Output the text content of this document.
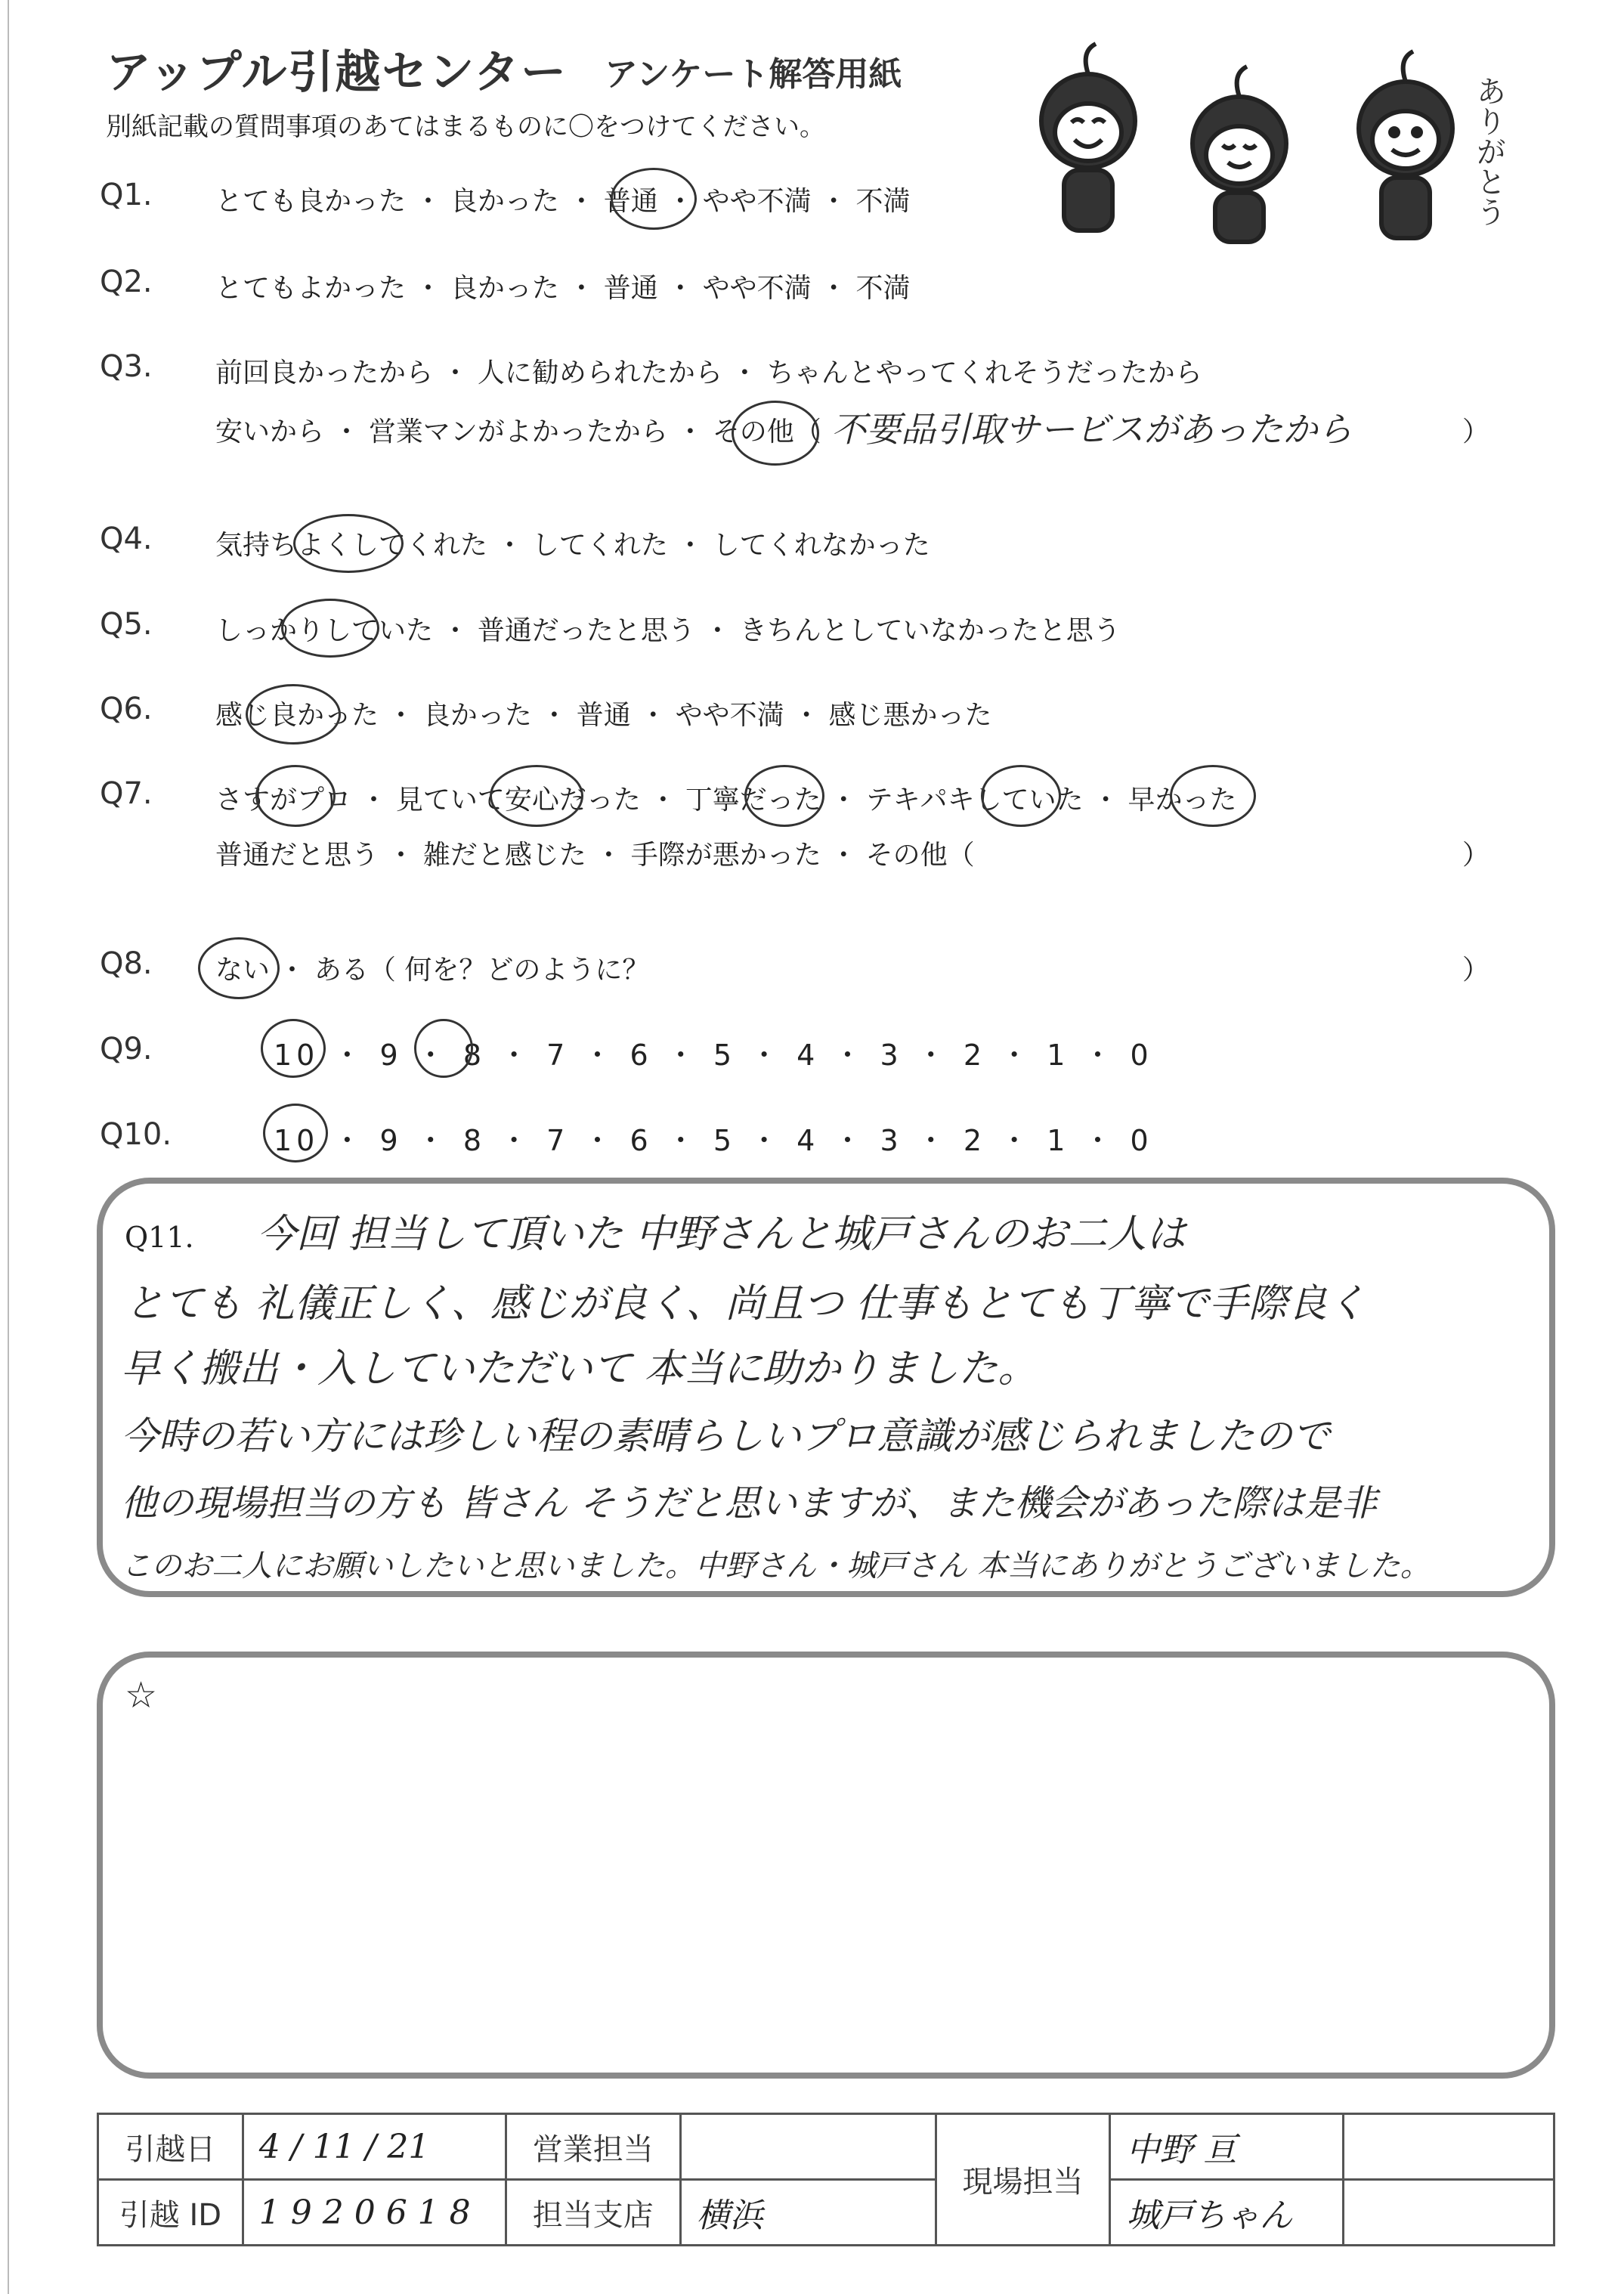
アップル引越センター アンケート解答用紙
別紙記載の質問事項のあてはまるものに〇をつけてください。	ありがとう
Q1. とても良かった ・ 良かった ・ 普通 ・ やや不満 ・ 不満
Q2. とてもよかった ・ 良かった ・ 普通 ・ やや不満 ・ 不満
Q3. 前回良かったから ・ 人に勧められたから ・ ちゃんとやってくれそうだったから
安いから ・ 営業マンがよかったから ・ その他（ 不要品引取サービスがあったから	）
Q4. 気持ちよくしてくれた ・ してくれた ・ してくれなかった
Q5. しっかりしていた ・ 普通だったと思う ・ きちんとしていなかったと思う
Q6. 感じ良かった ・ 良かった ・ 普通 ・ やや不満 ・ 感じ悪かった
Q7. さすがプロ ・ 見ていて安心だった ・ 丁寧だった ・ テキパキしていた ・ 早かった
普通だと思う ・ 雑だと感じた ・ 手際が悪かった ・ その他（	）
Q8. ない ・ ある（ 何を？どのように？	）
Q9.	10 ・ 9 ・ 8 ・ 7 ・ 6 ・ 5 ・ 4 ・ 3 ・ 2 ・ 1 ・ 0
Q10.	10 ・ 9 ・ 8 ・ 7 ・ 6 ・ 5 ・ 4 ・ 3 ・ 2 ・ 1 ・ 0
Q11. 今回 担当して頂いた 中野さんと城戸さんのお二人は
とても 礼儀正しく、感じが良く、尚且つ 仕事もとても丁寧で手際良く
早く搬出・入していただいて 本当に助かりました。
今時の若い方には珍しい程の素晴らしいプロ意識が感じられましたので
他の現場担当の方も 皆さん そうだと思いますが、また機会があった際は是非
このお二人にお願いしたいと思いました。中野さん・城戸さん 本当にありがとうございました。
☆
引越日	4 / 11 / 21	営業担当		現場担当	中野 亘	
引越 ID	1 9 2 0 6 1 8	担当支店	横浜		城戸ちゃん	
